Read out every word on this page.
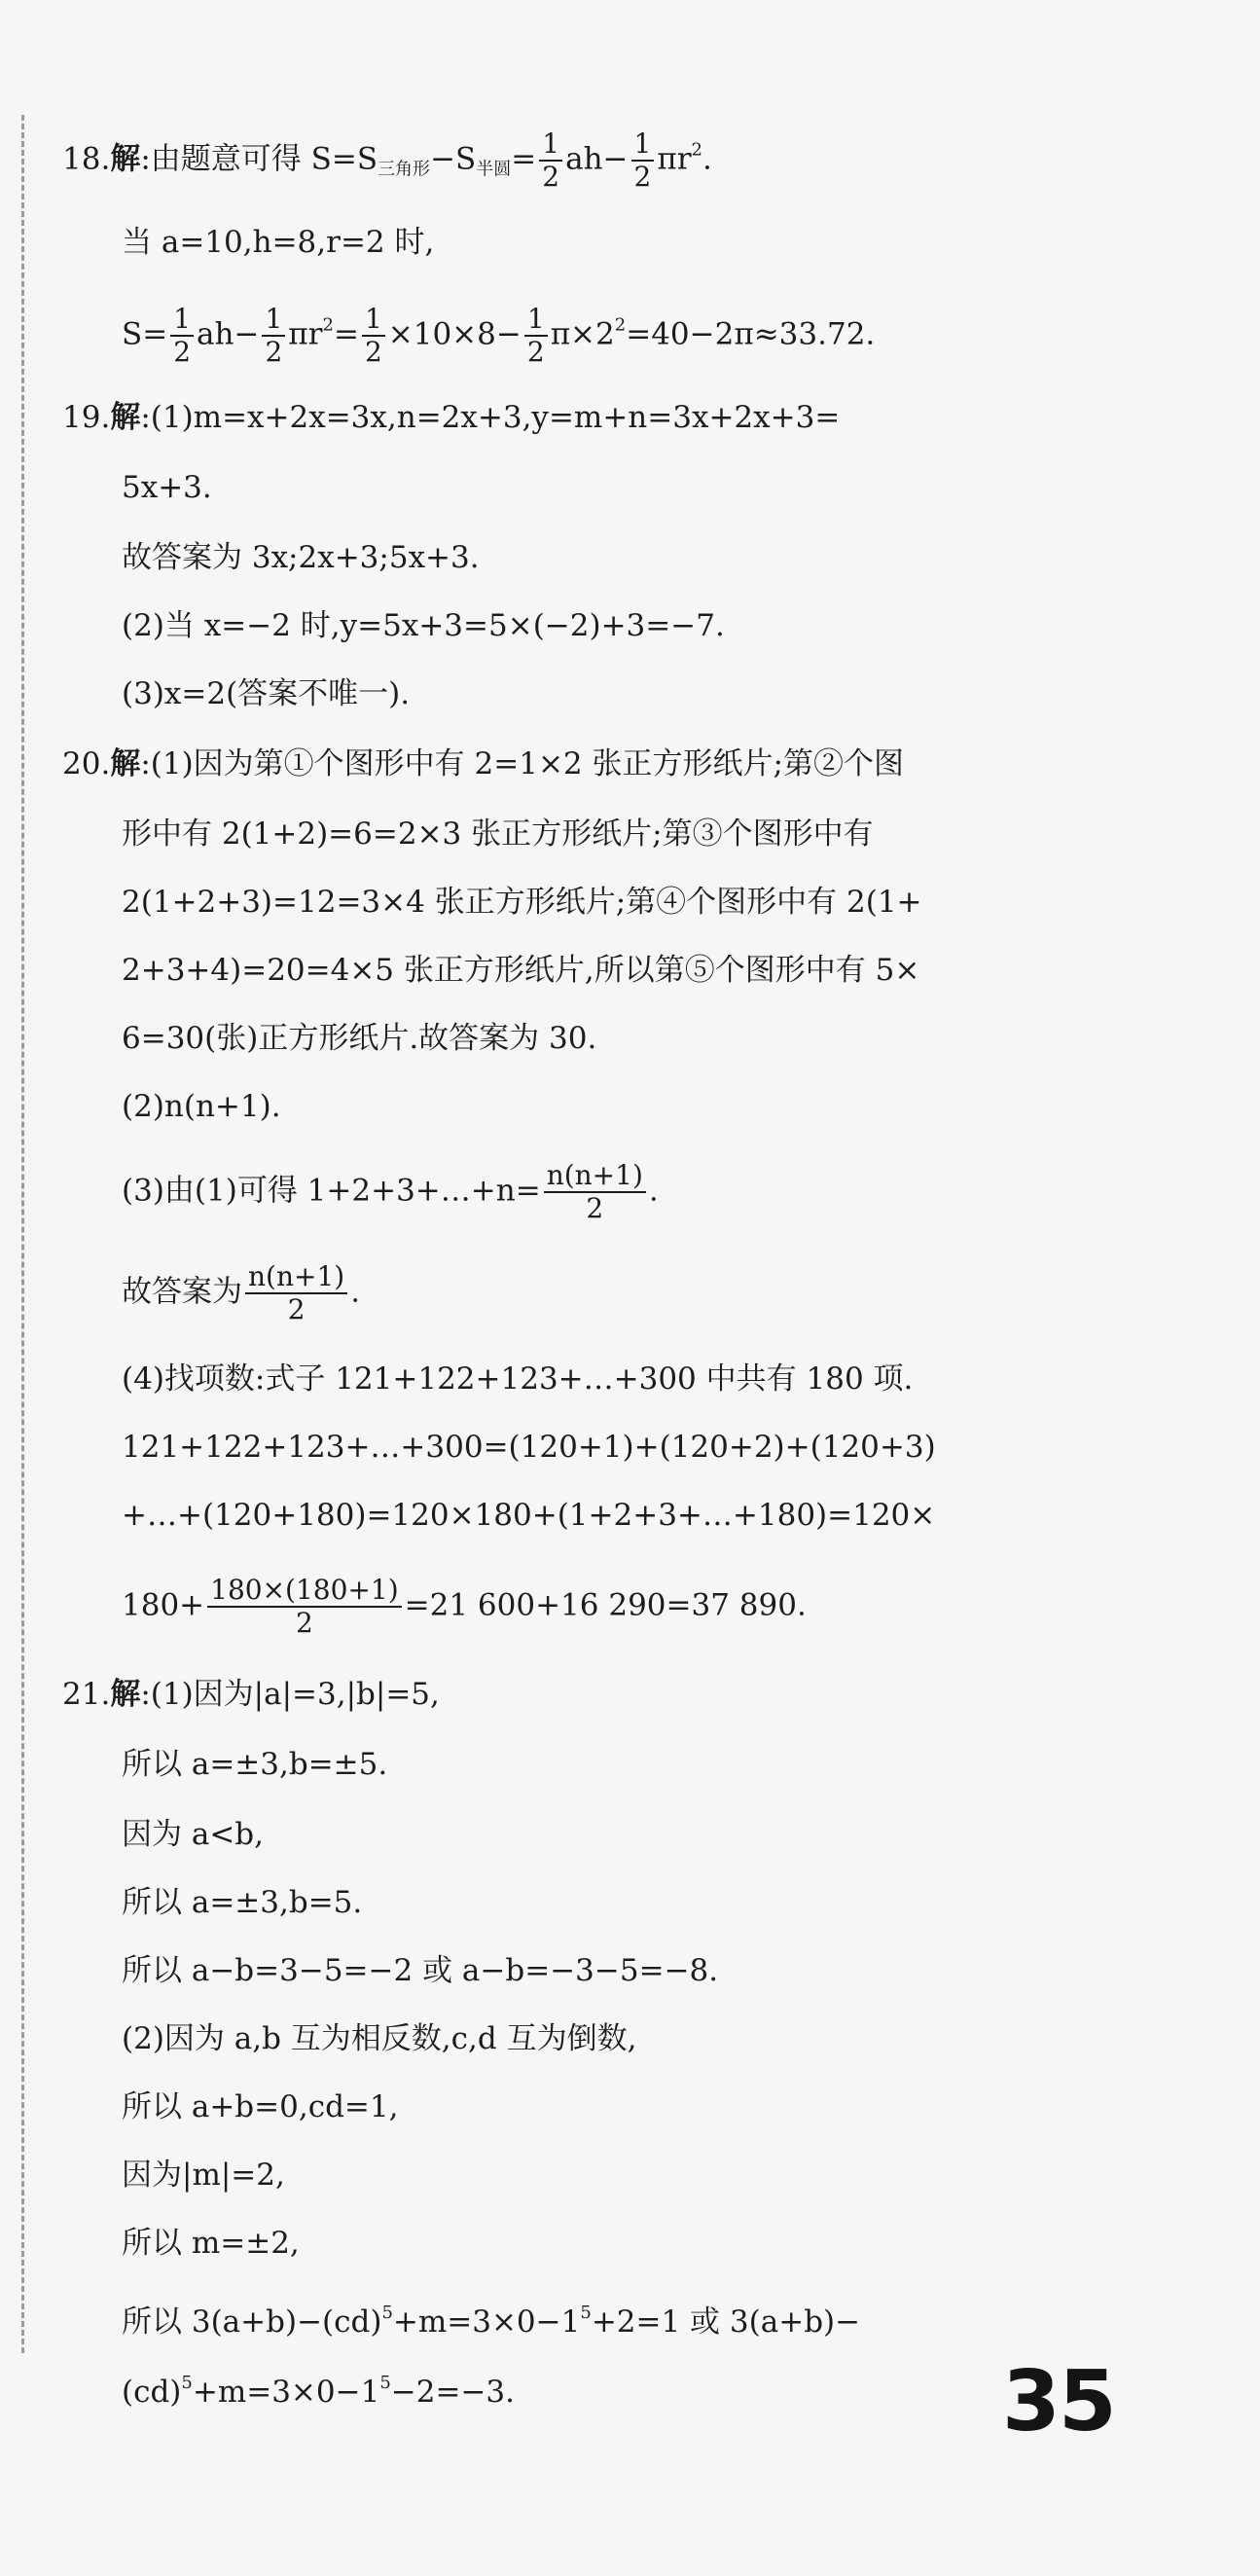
18.解:由题意可得 $S=S_{三角形}-S_{半圆}= \frac{1}{2} ah- \frac{1}{2} \pi r^2$.
当 a=10,h=8,r=2 时,
$S= \frac{1}{2} ah- \frac{1}{2} \pi r^2= \frac{1}{2} \times 10\times 8- \frac{1}{2} \pi\times 2^2=40-2\pi\approx 33.72$.
19.解:(1)m=x+2x=3x,n=2x+3,y=m+n=3x+2x+3=
5x+3.
故答案为 3x;2x+3;5x+3.
(2)当 x=−2 时,y=5x+3=5×(−2)+3=−7.
(3)x=2(答案不唯一).
20.解:(1)因为第①个图形中有 2=1×2 张正方形纸片;第②个图
形中有 2(1+2)=6=2×3 张正方形纸片;第③个图形中有
2(1+2+3)=12=3×4 张正方形纸片;第④个图形中有 2(1+
2+3+4)=20=4×5 张正方形纸片,所以第⑤个图形中有 5×
6=30(张)正方形纸片.故答案为 30.
(2)n(n+1).
(3)由(1)可得 1+2+3+…+n= $\frac{n(n+1)}{2}$ .
故答案为 $\frac{n(n+1)}{2}$ .
(4)找项数:式子 121+122+123+…+300 中共有 180 项.
121+122+123+…+300=(120+1)+(120+2)+(120+3)
+…+(120+180)=120×180+(1+2+3+…+180)=120×
$180+ \frac{180\times(180+1)}{2} =21$ 600+16 290=37 890.
21.解:(1)因为|a|=3,|b|=5,
所以 a=±3,b=±5.
因为 a<b,
所以 a=±3,b=5.
所以 a−b=3−5=−2 或 a−b=−3−5=−8.
(2)因为 a,b 互为相反数,c,d 互为倒数,
所以 a+b=0,cd=1,
因为|m|=2,
所以 m=±2,
所以 $3(a+b)-(cd)^5+m=3\times 0-1^5+2=1$ 或 3(a+b)−
$(cd)^5+m=3\times 0-1^5-2=-3$.	35
